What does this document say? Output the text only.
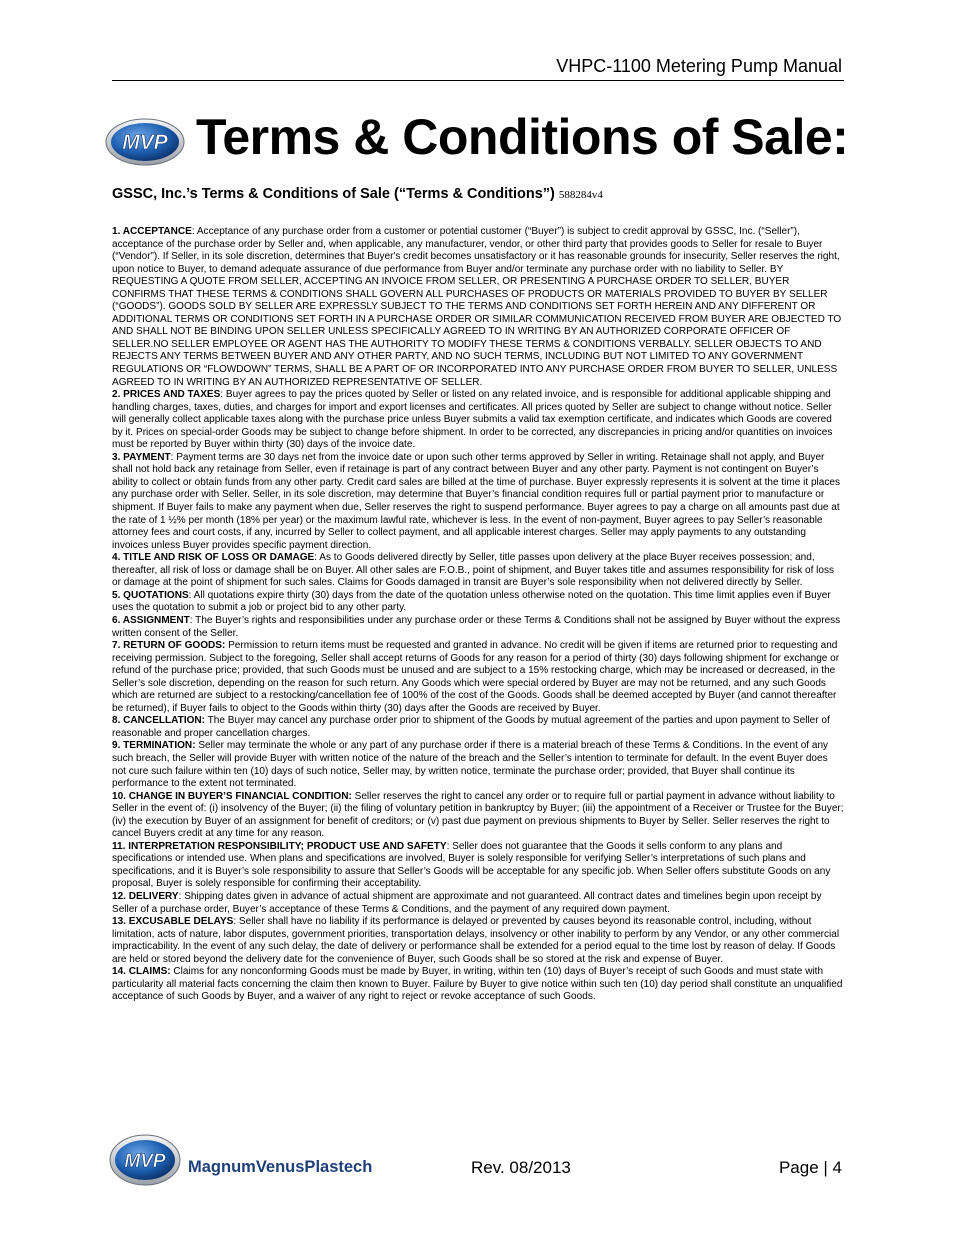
VHPC-1100 Metering Pump Manual
MVP Terms & Conditions of Sale:
GSSC, Inc.’s Terms & Conditions of Sale (“Terms & Conditions”) 588284v4

1. ACCEPTANCE: Acceptance of any purchase order from a customer or potential customer (“Buyer”) is subject to credit approval by GSSC, Inc. (“Seller”), acceptance of the purchase order by Seller and, when applicable, any manufacturer, vendor, or other third party that provides goods to Seller for resale to Buyer (“Vendor”). If Seller, in its sole discretion, determines that Buyer's credit becomes unsatisfactory or it has reasonable grounds for insecurity, Seller reserves the right, upon notice to Buyer, to demand adequate assurance of due performance from Buyer and/or terminate any purchase order with no liability to Seller. BY REQUESTING A QUOTE FROM SELLER, ACCEPTING AN INVOICE FROM SELLER, OR PRESENTING A PURCHASE ORDER TO SELLER, BUYER CONFIRMS THAT THESE TERMS & CONDITIONS SHALL GOVERN ALL PURCHASES OF PRODUCTS OR MATERIALS PROVIDED TO BUYER BY SELLER (“GOODS”). GOODS SOLD BY SELLER ARE EXPRESSLY SUBJECT TO THE TERMS AND CONDITIONS SET FORTH HEREIN AND ANY DIFFERENT OR ADDITIONAL TERMS OR CONDITIONS SET FORTH IN A PURCHASE ORDER OR SIMILAR COMMUNICATION RECEIVED FROM BUYER ARE OBJECTED TO AND SHALL NOT BE BINDING UPON SELLER UNLESS SPECIFICALLY AGREED TO IN WRITING BY AN AUTHORIZED CORPORATE OFFICER OF SELLER.NO SELLER EMPLOYEE OR AGENT HAS THE AUTHORITY TO MODIFY THESE TERMS & CONDITIONS VERBALLY. SELLER OBJECTS TO AND REJECTS ANY TERMS BETWEEN BUYER AND ANY OTHER PARTY, AND NO SUCH TERMS, INCLUDING BUT NOT LIMITED TO ANY GOVERNMENT REGULATIONS OR “FLOWDOWN” TERMS, SHALL BE A PART OF OR INCORPORATED INTO ANY PURCHASE ORDER FROM BUYER TO SELLER, UNLESS AGREED TO IN WRITING BY AN AUTHORIZED REPRESENTATIVE OF SELLER.

2. PRICES AND TAXES: Buyer agrees to pay the prices quoted by Seller or listed on any related invoice, and is responsible for additional applicable shipping and handling charges, taxes, duties, and charges for import and export licenses and certificates. All prices quoted by Seller are subject to change without notice. Seller will generally collect applicable taxes along with the purchase price unless Buyer submits a valid tax exemption certificate, and indicates which Goods are covered by it. Prices on special-order Goods may be subject to change before shipment. In order to be corrected, any discrepancies in pricing and/or quantities on invoices must be reported by Buyer within thirty (30) days of the invoice date.

3. PAYMENT: Payment terms are 30 days net from the invoice date or upon such other terms approved by Seller in writing. Retainage shall not apply, and Buyer shall not hold back any retainage from Seller, even if retainage is part of any contract between Buyer and any other party. Payment is not contingent on Buyer’s ability to collect or obtain funds from any other party. Credit card sales are billed at the time of purchase. Buyer expressly represents it is solvent at the time it places any purchase order with Seller. Seller, in its sole discretion, may determine that Buyer’s financial condition requires full or partial payment prior to manufacture or shipment. If Buyer fails to make any payment when due, Seller reserves the right to suspend performance. Buyer agrees to pay a charge on all amounts past due at the rate of 1 ½% per month (18% per year) or the maximum lawful rate, whichever is less. In the event of non-payment, Buyer agrees to pay Seller’s reasonable attorney fees and court costs, if any, incurred by Seller to collect payment, and all applicable interest charges. Seller may apply payments to any outstanding invoices unless Buyer provides specific payment direction.

4. TITLE AND RISK OF LOSS OR DAMAGE: As to Goods delivered directly by Seller, title passes upon delivery at the place Buyer receives possession; and, thereafter, all risk of loss or damage shall be on Buyer. All other sales are F.O.B., point of shipment, and Buyer takes title and assumes responsibility for risk of loss or damage at the point of shipment for such sales. Claims for Goods damaged in transit are Buyer’s sole responsibility when not delivered directly by Seller.

5. QUOTATIONS: All quotations expire thirty (30) days from the date of the quotation unless otherwise noted on the quotation. This time limit applies even if Buyer uses the quotation to submit a job or project bid to any other party.

6. ASSIGNMENT: The Buyer’s rights and responsibilities under any purchase order or these Terms & Conditions shall not be assigned by Buyer without the express written consent of the Seller.

7. RETURN OF GOODS: Permission to return items must be requested and granted in advance. No credit will be given if items are returned prior to requesting and receiving permission. Subject to the foregoing, Seller shall accept returns of Goods for any reason for a period of thirty (30) days following shipment for exchange or refund of the purchase price; provided, that such Goods must be unused and are subject to a 15% restocking charge, which may be increased or decreased, in the Seller’s sole discretion, depending on the reason for such return. Any Goods which were special ordered by Buyer are may not be returned, and any such Goods which are returned are subject to a restocking/cancellation fee of 100% of the cost of the Goods. Goods shall be deemed accepted by Buyer (and cannot thereafter be returned), if Buyer fails to object to the Goods within thirty (30) days after the Goods are received by Buyer.

8. CANCELLATION: The Buyer may cancel any purchase order prior to shipment of the Goods by mutual agreement of the parties and upon payment to Seller of reasonable and proper cancellation charges.

9. TERMINATION: Seller may terminate the whole or any part of any purchase order if there is a material breach of these Terms & Conditions. In the event of any such breach, the Seller will provide Buyer with written notice of the nature of the breach and the Seller’s intention to terminate for default. In the event Buyer does not cure such failure within ten (10) days of such notice, Seller may, by written notice, terminate the purchase order; provided, that Buyer shall continue its performance to the extent not terminated.

10. CHANGE IN BUYER’S FINANCIAL CONDITION: Seller reserves the right to cancel any order or to require full or partial payment in advance without liability to Seller in the event of: (i) insolvency of the Buyer; (ii) the filing of voluntary petition in bankruptcy by Buyer; (iii) the appointment of a Receiver or Trustee for the Buyer; (iv) the execution by Buyer of an assignment for benefit of creditors; or (v) past due payment on previous shipments to Buyer by Seller. Seller reserves the right to cancel Buyers credit at any time for any reason.

11. INTERPRETATION RESPONSIBILITY; PRODUCT USE AND SAFETY: Seller does not guarantee that the Goods it sells conform to any plans and specifications or intended use. When plans and specifications are involved, Buyer is solely responsible for verifying Seller’s interpretations of such plans and specifications, and it is Buyer’s sole responsibility to assure that Seller’s Goods will be acceptable for any specific job. When Seller offers substitute Goods on any proposal, Buyer is solely responsible for confirming their acceptability.

12. DELIVERY: Shipping dates given in advance of actual shipment are approximate and not guaranteed. All contract dates and timelines begin upon receipt by Seller of a purchase order, Buyer’s acceptance of these Terms & Conditions, and the payment of any required down payment.

13. EXCUSABLE DELAYS: Seller shall have no liability if its performance is delayed or prevented by causes beyond its reasonable control, including, without limitation, acts of nature, labor disputes, government priorities, transportation delays, insolvency or other inability to perform by any Vendor, or any other commercial impracticability. In the event of any such delay, the date of delivery or performance shall be extended for a period equal to the time lost by reason of delay. If Goods are held or stored beyond the delivery date for the convenience of Buyer, such Goods shall be so stored at the risk and expense of Buyer.

14. CLAIMS: Claims for any nonconforming Goods must be made by Buyer, in writing, within ten (10) days of Buyer’s receipt of such Goods and must state with particularity all material facts concerning the claim then known to Buyer. Failure by Buyer to give notice within such ten (10) day period shall constitute an unqualified acceptance of such Goods by Buyer, and a waiver of any right to reject or revoke acceptance of such Goods.

MVP MagnumVenusPlastech	Rev. 08/2013	Page | 4
